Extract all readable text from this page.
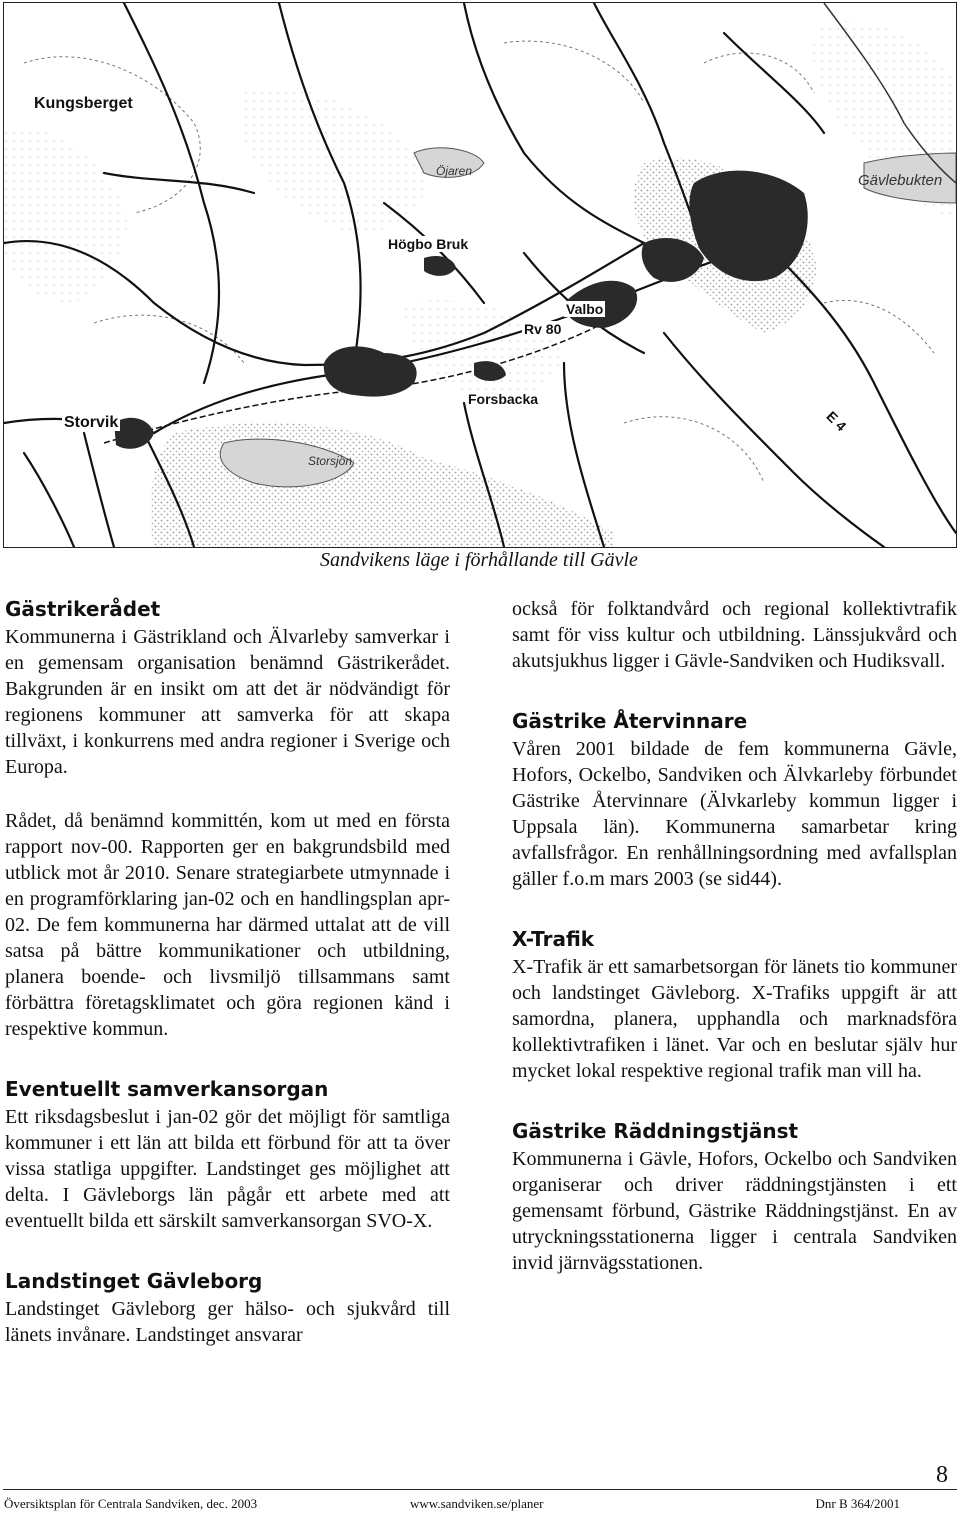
Kungsberget
Öjaren
Gävlebukten
Högbo Bruk
Valbo
Rv 80
Storvik
Forsbacka
E 4
Storsjön
Sandvikens läge i förhållande till Gävle
Gästrikerådet

Kommunerna i Gästrikland och Älvarleby samverkar i en gemensam organisation benämnd Gästrikerådet. Bakgrunden är en insikt om att det är nödvändigt för regionens kommuner att samverka för att skapa tillväxt, i konkurrens med andra regioner i Sverige och Europa.

Rådet, då benämnd kommittén, kom ut med en första rapport nov-00. Rapporten ger en bakgrundsbild med utblick mot år 2010. Senare strategiarbete utmynnade i en programförklaring jan-02 och en handlingsplan apr-02. De fem kommunerna har därmed uttalat att de vill satsa på bättre kommunikationer och utbildning, planera boende- och livsmiljö tillsammans samt förbättra företagsklimatet och göra regionen känd i respektive kommun.

Eventuellt samverkansorgan

Ett riksdagsbeslut i jan-02 gör det möjligt för samtliga kommuner i ett län att bilda ett förbund för att ta över vissa statliga uppgifter. Landstinget ges möjlighet att delta. I Gävleborgs län pågår ett arbete med att eventuellt bilda ett särskilt samverkansorgan SVO-X.

Landstinget Gävleborg

Landstinget Gävleborg ger hälso- och sjukvård till länets invånare. Landstinget ansvarar

också för folktandvård och regional kollektivtrafik samt för viss kultur och utbildning. Länssjukvård och akutsjukhus ligger i Gävle-Sandviken och Hudiksvall.

Gästrike Återvinnare

Våren 2001 bildade de fem kommunerna Gävle, Hofors, Ockelbo, Sandviken och Älvkarleby förbundet Gästrike Återvinnare (Älvkarleby kommun ligger i Uppsala län). Kommunerna samarbetar kring avfallsfrågor. En renhållningsordning med avfallsplan gäller f.o.m mars 2003 (se sid44).

X-Trafik

X-Trafik är ett samarbetsorgan för länets tio kommuner och landstinget Gävleborg. X-Trafiks uppgift är att samordna, planera, upphandla och marknadsföra kollektivtrafiken i länet. Var och en beslutar själv hur mycket lokal respektive regional trafik man vill ha.

Gästrike Räddningstjänst

Kommunerna i Gävle, Hofors, Ockelbo och Sandviken organiserar och driver räddningstjänsten i ett gemensamt förbund, Gästrike Räddningstjänst. En av utryckningsstationerna ligger i centrala Sandviken invid järnvägsstationen.

8
Översiktsplan för Centrala Sandviken, dec. 2003	www.sandviken.se/planer	Dnr B 364/2001
